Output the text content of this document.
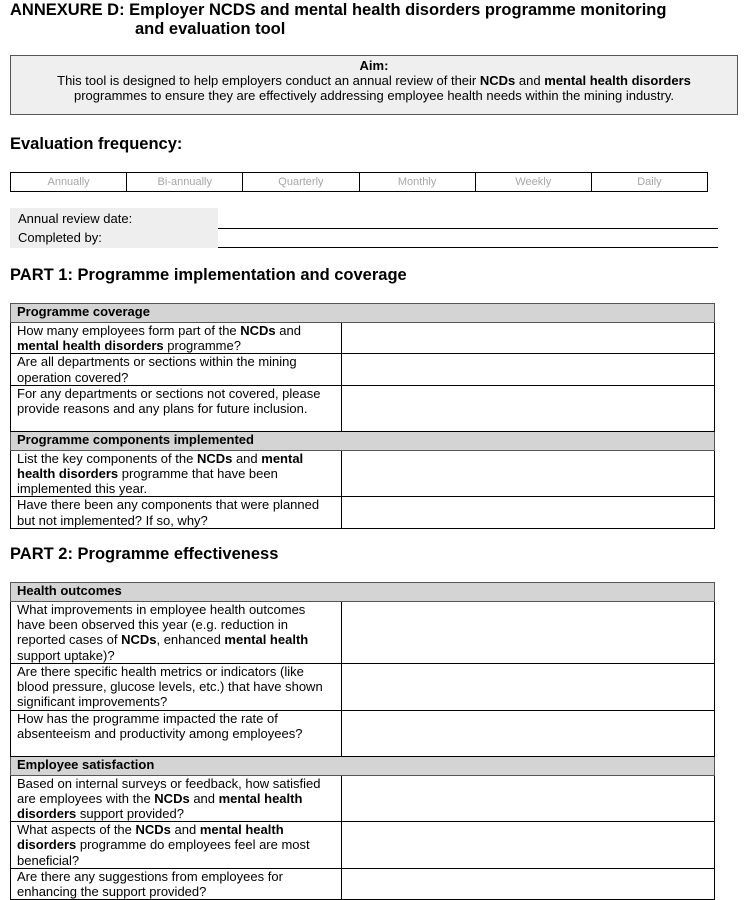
ANNEXURE D: Employer NCDS and mental health disorders programme monitoring
and evaluation tool
Aim:
This tool is designed to help employers conduct an annual review of their NCDs and mental health disorders programmes to ensure they are effectively addressing employee health needs within the mining industry.
Evaluation frequency:
Annually	Bi-annually	Quarterly	Monthly	Weekly	Daily
Annual review date:
Completed by:
PART 1: Programme implementation and coverage
Programme coverage	
How many employees form part of the NCDs and mental health disorders programme?	
Are all departments or sections within the mining operation covered?	
For any departments or sections not covered, please provide reasons and any plans for future inclusion.	
Programme components implemented	
List the key components of the NCDs and mental health disorders programme that have been implemented this year.	
Have there been any components that were planned but not implemented? If so, why?	
PART 2: Programme effectiveness
Health outcomes	
What improvements in employee health outcomes have been observed this year (e.g. reduction in reported cases of NCDs, enhanced mental health support uptake)?	
Are there specific health metrics or indicators (like blood pressure, glucose levels, etc.) that have shown significant improvements?	
How has the programme impacted the rate of absenteeism and productivity among employees?	
Employee satisfaction	
Based on internal surveys or feedback, how satisfied are employees with the NCDs and mental health disorders support provided?	
What aspects of the NCDs and mental health disorders programme do employees feel are most beneficial?	
Are there any suggestions from employees for enhancing the support provided?	
